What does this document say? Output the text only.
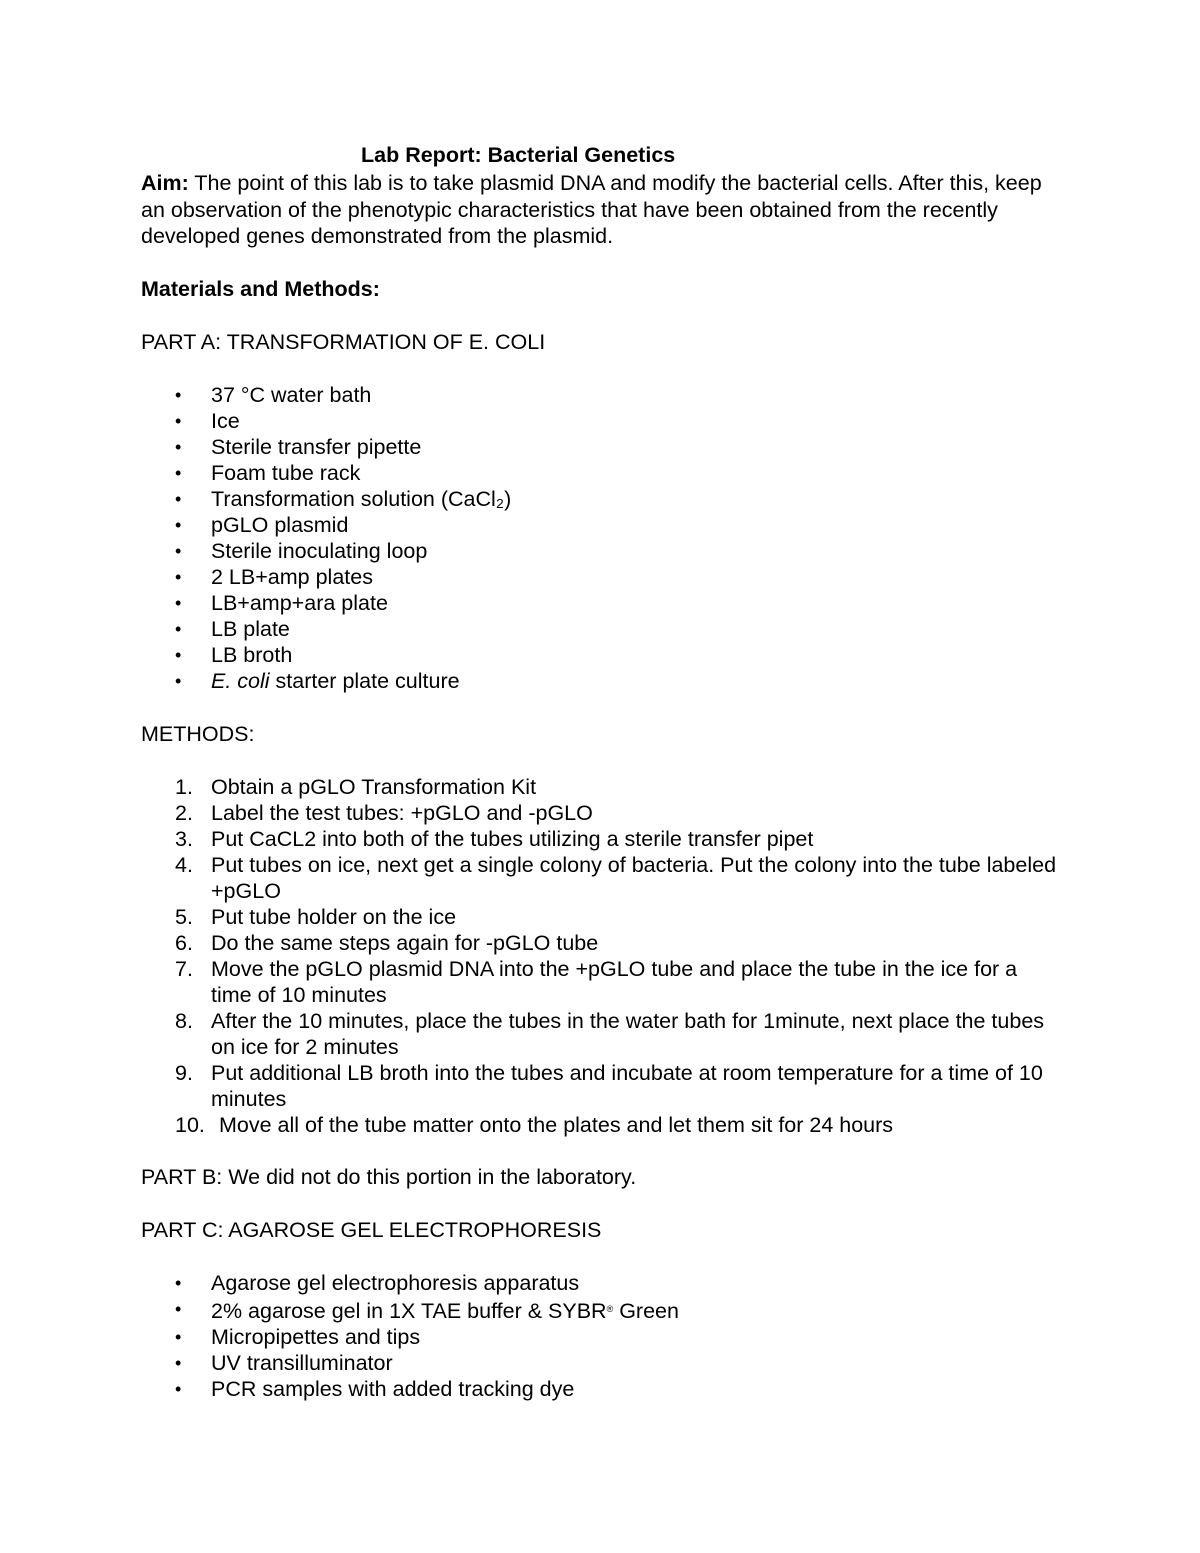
Lab Report: Bacterial Genetics

Aim: The point of this lab is to take plasmid DNA and modify the bacterial cells. After this, keep an observation of the phenotypic characteristics that have been obtained from the recently developed genes demonstrated from the plasmid.

Materials and Methods:

PART A: TRANSFORMATION OF E. COLI

• 37 °C water bath
• Ice
• Sterile transfer pipette
• Foam tube rack
• Transformation solution (CaCl₂)
• pGLO plasmid
• Sterile inoculating loop
• 2 LB+amp plates
• LB+amp+ara plate
• LB plate
• LB broth
• E. coli starter plate culture

METHODS:

1. Obtain a pGLO Transformation Kit
2. Label the test tubes: +pGLO and -pGLO
3. Put CaCL2 into both of the tubes utilizing a sterile transfer pipet
4. Put tubes on ice, next get a single colony of bacteria. Put the colony into the tube labeled +pGLO
5. Put tube holder on the ice
6. Do the same steps again for -pGLO tube
7. Move the pGLO plasmid DNA into the +pGLO tube and place the tube in the ice for a time of 10 minutes
8. After the 10 minutes, place the tubes in the water bath for 1minute, next place the tubes on ice for 2 minutes
9. Put additional LB broth into the tubes and incubate at room temperature for a time of 10 minutes
10. Move all of the tube matter onto the plates and let them sit for 24 hours

PART B: We did not do this portion in the laboratory.

PART C: AGAROSE GEL ELECTROPHORESIS

• Agarose gel electrophoresis apparatus
• 2% agarose gel in 1X TAE buffer & SYBR® Green
• Micropipettes and tips
• UV transilluminator
• PCR samples with added tracking dye
